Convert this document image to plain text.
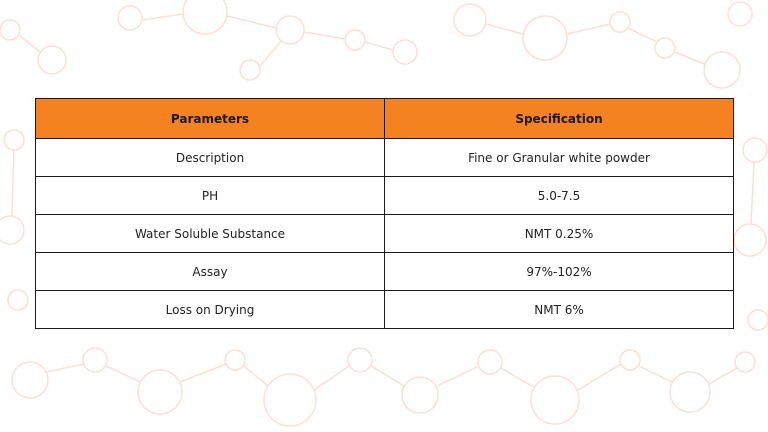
Parameters	Specification
Description	Fine or Granular white powder
PH	5.0-7.5
Water Soluble Substance	NMT 0.25%
Assay	97%-102%
Loss on Drying	NMT 6%
